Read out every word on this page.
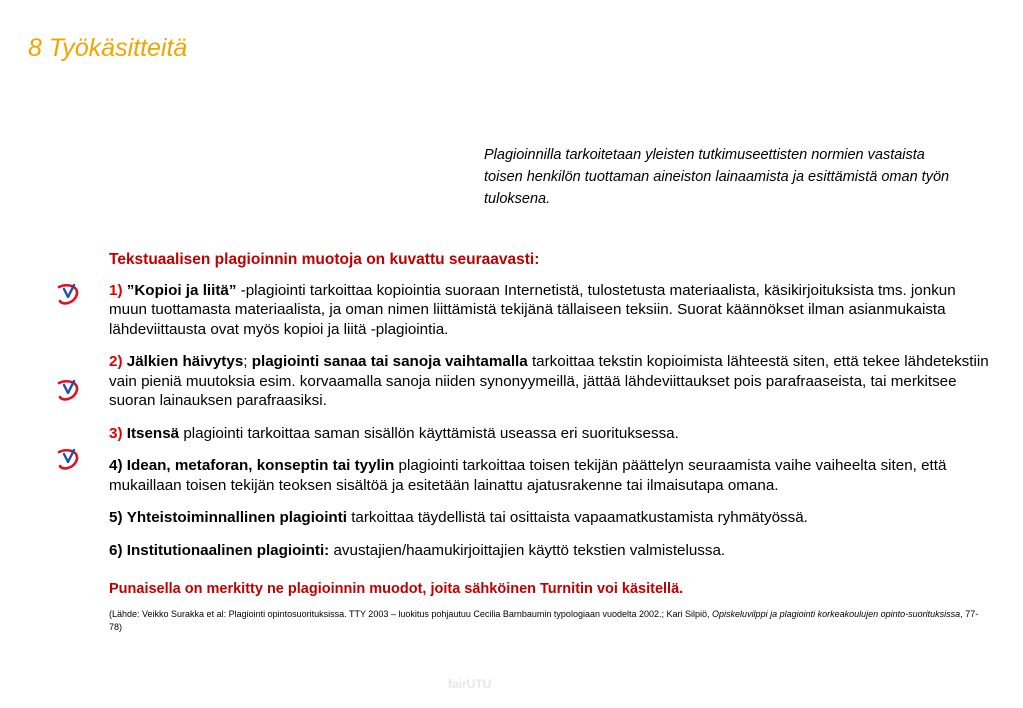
8 Työkäsitteitä
Plagioinnilla tarkoitetaan yleisten tutkimuseettisten normien vastaista toisen henkilön tuottaman aineiston lainaamista ja esittämistä oman työn tuloksena.

Tekstuaalisen plagioinnin muotoja on kuvattu seuraavasti:

1) ”Kopioi ja liitä” -plagiointi tarkoittaa kopiointia suoraan Internetistä, tulostetusta materiaalista, käsikirjoituksista tms. jonkun muun tuottamasta materiaalista, ja oman nimen liittämistä tekijänä tällaiseen teksiin. Suorat käännökset ilman asianmukaista lähdeviittausta ovat myös kopioi ja liitä -plagiointia.

2) Jälkien häivytys; plagiointi sanaa tai sanoja vaihtamalla tarkoittaa tekstin kopioimista lähteestä siten, että tekee lähdetekstiin vain pieniä muutoksia esim. korvaamalla sanoja niiden synonyymeillä, jättää lähdeviittaukset pois parafraaseista, tai merkitsee suoran lainauksen parafraasiksi.

3) Itsensä plagiointi tarkoittaa saman sisällön käyttämistä useassa eri suorituksessa.

4) Idean, metaforan, konseptin tai tyylin plagiointi tarkoittaa toisen tekijän päättelyn seuraamista vaihe vaiheelta siten, että mukaillaan toisen tekijän teoksen sisältöä ja esitetään lainattu ajatusrakenne tai ilmaisutapa omana.

5) Yhteistoiminnallinen plagiointi tarkoittaa täydellistä tai osittaista vapaamatkustamista ryhmätyössä.

6) Institutionaalinen plagiointi: avustajien/haamukirjoittajien käyttö tekstien valmistelussa.

Punaisella on merkitty ne plagioinnin muodot, joita sähköinen Turnitin voi käsitellä.

(Lähde: Veikko Surakka et al: Plagiointi opintosuorituksissa. TTY 2003 – luokitus pohjautuu Cecilia Barnbaumin typologiaan vuodelta 2002.; Kari Silpiö, Opiskeluvilppi ja plagiointi korkeakoulujen opinto-suorituksissa, 77-78)

fairUTU
